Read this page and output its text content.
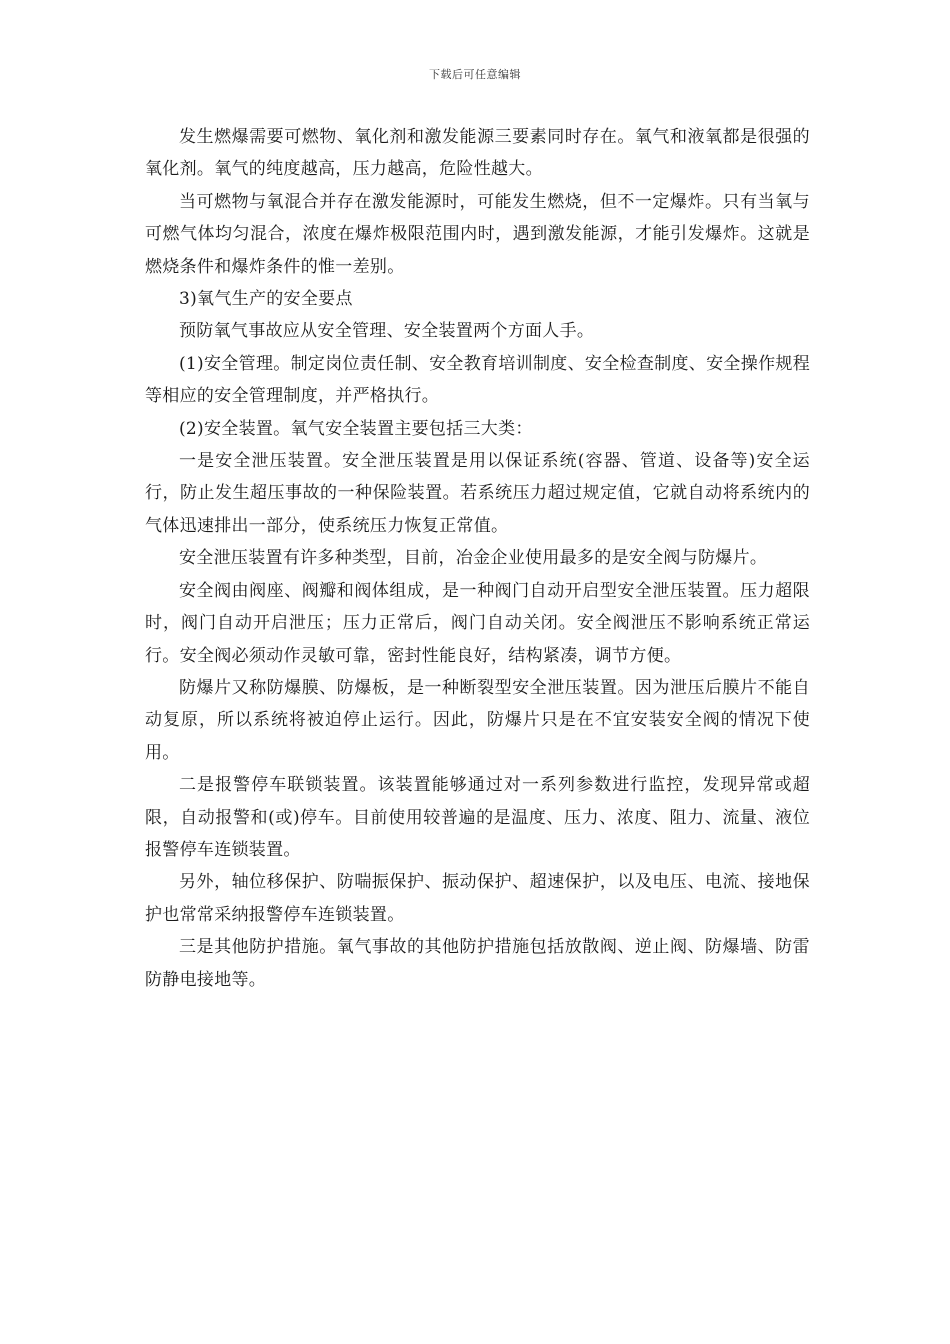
下载后可任意编辑

发生燃爆需要可燃物、氧化剂和激发能源三要素同时存在。氧气和液氧都是很强的氧化剂。氧气的纯度越高，压力越高，危险性越大。

当可燃物与氧混合并存在激发能源时，可能发生燃烧，但不一定爆炸。只有当氧与可燃气体均匀混合，浓度在爆炸极限范围内时，遇到激发能源，才能引发爆炸。这就是燃烧条件和爆炸条件的惟一差别。

3)氧气生产的安全要点

预防氧气事故应从安全管理、安全装置两个方面人手。

(1)安全管理。制定岗位责任制、安全教育培训制度、安全检查制度、安全操作规程等相应的安全管理制度，并严格执行。

(2)安全装置。氧气安全装置主要包括三大类：

一是安全泄压装置。安全泄压装置是用以保证系统(容器、管道、设备等)安全运行，防止发生超压事故的一种保险装置。若系统压力超过规定值，它就自动将系统内的气体迅速排出一部分，使系统压力恢复正常值。

安全泄压装置有许多种类型，目前，冶金企业使用最多的是安全阀与防爆片。

安全阀由阀座、阀瓣和阀体组成，是一种阀门自动开启型安全泄压装置。压力超限时，阀门自动开启泄压；压力正常后，阀门自动关闭。安全阀泄压不影响系统正常运行。安全阀必须动作灵敏可靠，密封性能良好，结构紧凑，调节方便。

防爆片又称防爆膜、防爆板，是一种断裂型安全泄压装置。因为泄压后膜片不能自动复原，所以系统将被迫停止运行。因此，防爆片只是在不宜安装安全阀的情况下使用。

二是报警停车联锁装置。该装置能够通过对一系列参数进行监控，发现异常或超限，自动报警和(或)停车。目前使用较普遍的是温度、压力、浓度、阻力、流量、液位报警停车连锁装置。

另外，轴位移保护、防喘振保护、振动保护、超速保护，以及电压、电流、接地保护也常常采纳报警停车连锁装置。

三是其他防护措施。氧气事故的其他防护措施包括放散阀、逆止阀、防爆墙、防雷防静电接地等。
